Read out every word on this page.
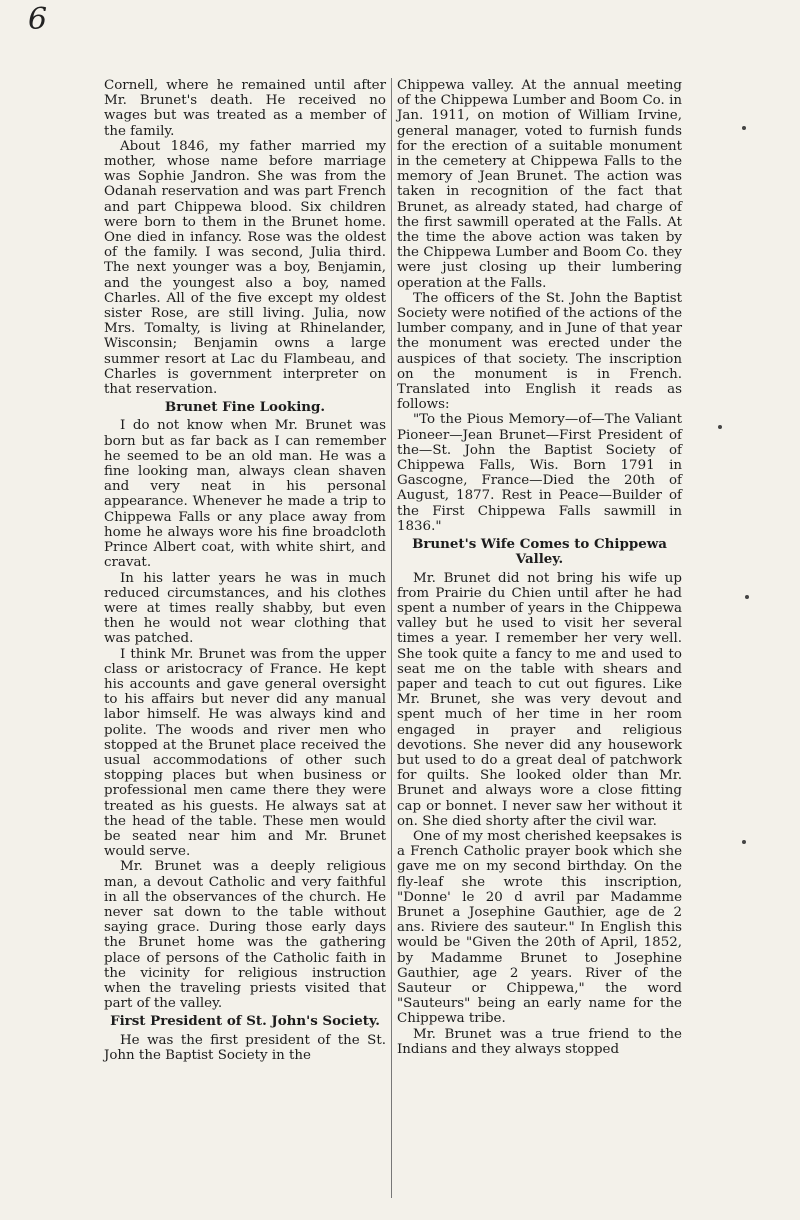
6

Cornell, where he remained until after Mr. Brunet's death. He received no wages but was treated as a member of the family.

About 1846, my father married my mother, whose name before marriage was Sophie Jandron. She was from the Odanah reservation and was part French and part Chippewa blood. Six children were born to them in the Brunet home. One died in infancy. Rose was the oldest of the family. I was second, Julia third. The next younger was a boy, Benjamin, and the youngest also a boy, named Charles. All of the five except my oldest sister Rose, are still living. Julia, now Mrs. Tomalty, is living at Rhinelander, Wisconsin; Benjamin owns a large summer resort at Lac du Flambeau, and Charles is government interpreter on that reservation.

Brunet Fine Looking.

I do not know when Mr. Brunet was born but as far back as I can remember he seemed to be an old man. He was a fine looking man, always clean shaven and very neat in his personal appearance. Whenever he made a trip to Chippewa Falls or any place away from home he always wore his fine broadcloth Prince Albert coat, with white shirt, and cravat.

In his latter years he was in much reduced circumstances, and his clothes were at times really shabby, but even then he would not wear clothing that was patched.

I think Mr. Brunet was from the upper class or aristocracy of France. He kept his accounts and gave general oversight to his affairs but never did any manual labor himself. He was always kind and polite. The woods and river men who stopped at the Brunet place received the usual accommodations of other such stopping places but when business or professional men came there they were treated as his guests. He always sat at the head of the table. These men would be seated near him and Mr. Brunet would serve.

Mr. Brunet was a deeply religious man, a devout Catholic and very faithful in all the observances of the church. He never sat down to the table without saying grace. During those early days the Brunet home was the gathering place of persons of the Catholic faith in the vicinity for religious instruction when the traveling priests visited that part of the valley.

First President of St. John's Society.

He was the first president of the St. John the Baptist Society in the

Chippewa valley. At the annual meeting of the Chippewa Lumber and Boom Co. in Jan. 1911, on motion of William Irvine, general manager, voted to furnish funds for the erection of a suitable monument in the cemetery at Chippewa Falls to the memory of Jean Brunet. The action was taken in recognition of the fact that Brunet, as already stated, had charge of the first sawmill operated at the Falls. At the time the above action was taken by the Chippewa Lumber and Boom Co. they were just closing up their lumbering operation at the Falls.

The officers of the St. John the Baptist Society were notified of the actions of the lumber company, and in June of that year the monument was erected under the auspices of that society. The inscription on the monument is in French. Translated into English it reads as follows:

"To the Pious Memory—of—The Valiant Pioneer—Jean Brunet—First President of the—St. John the Baptist Society of Chippewa Falls, Wis. Born 1791 in Gascogne, France—Died the 20th of August, 1877. Rest in Peace—Builder of the First Chippewa Falls sawmill in 1836."

Brunet's Wife Comes to Chippewa Valley.

Mr. Brunet did not bring his wife up from Prairie du Chien until after he had spent a number of years in the Chippewa valley but he used to visit her several times a year. I remember her very well. She took quite a fancy to me and used to seat me on the table with shears and paper and teach to cut out figures. Like Mr. Brunet, she was very devout and spent much of her time in her room engaged in prayer and religious devotions. She never did any housework but used to do a great deal of patchwork for quilts. She looked older than Mr. Brunet and always wore a close fitting cap or bonnet. I never saw her without it on. She died shorty after the civil war.

One of my most cherished keepsakes is a French Catholic prayer book which she gave me on my second birthday. On the fly-leaf she wrote this inscription, "Donne' le 20 d avril par Madamme Brunet a Josephine Gauthier, age de 2 ans. Riviere des sauteur." In English this would be "Given the 20th of April, 1852, by Madamme Brunet to Josephine Gauthier, age 2 years. River of the Sauteur or Chippewa," the word "Sauteurs" being an early name for the Chippewa tribe.

Mr. Brunet was a true friend to the Indians and they always stopped
